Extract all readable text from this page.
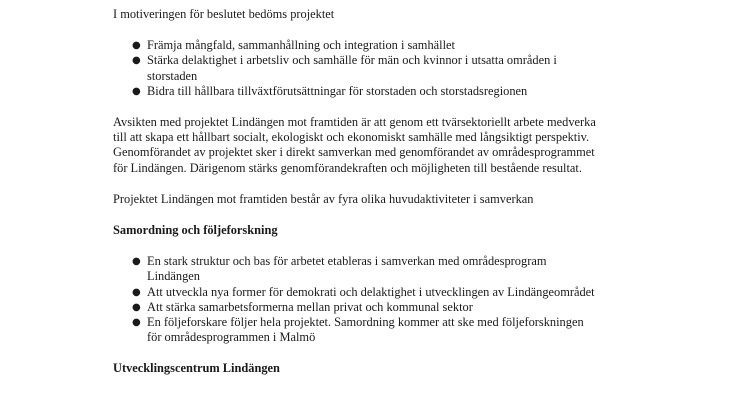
I motiveringen för beslutet bedöms projektet

● Främja mångfald, sammanhållning och integration i samhället
● Stärka delaktighet i arbetsliv och samhälle för män och kvinnor i utsatta områden i storstaden
● Bidra till hållbara tillväxtförutsättningar för storstaden och storstadsregionen

Avsikten med projektet Lindängen mot framtiden är att genom ett tvärsektoriellt arbete medverka till att skapa ett hållbart socialt, ekologiskt och ekonomiskt samhälle med långsiktigt perspektiv. Genomförandet av projektet sker i direkt samverkan med genomförandet av områdesprogrammet för Lindängen. Därigenom stärks genomförandekraften och möjligheten till bestående resultat.

Projektet Lindängen mot framtiden består av fyra olika huvudaktiviteter i samverkan

Samordning och följeforskning
● En stark struktur och bas för arbetet etableras i samverkan med områdesprogram Lindängen
● Att utveckla nya former för demokrati och delaktighet i utvecklingen av Lindängeområdet
● Att stärka samarbetsformerna mellan privat och kommunal sektor
● En följeforskare följer hela projektet. Samordning kommer att ske med följeforskningen för områdesprogrammen i Malmö
Utvecklingscentrum Lindängen
